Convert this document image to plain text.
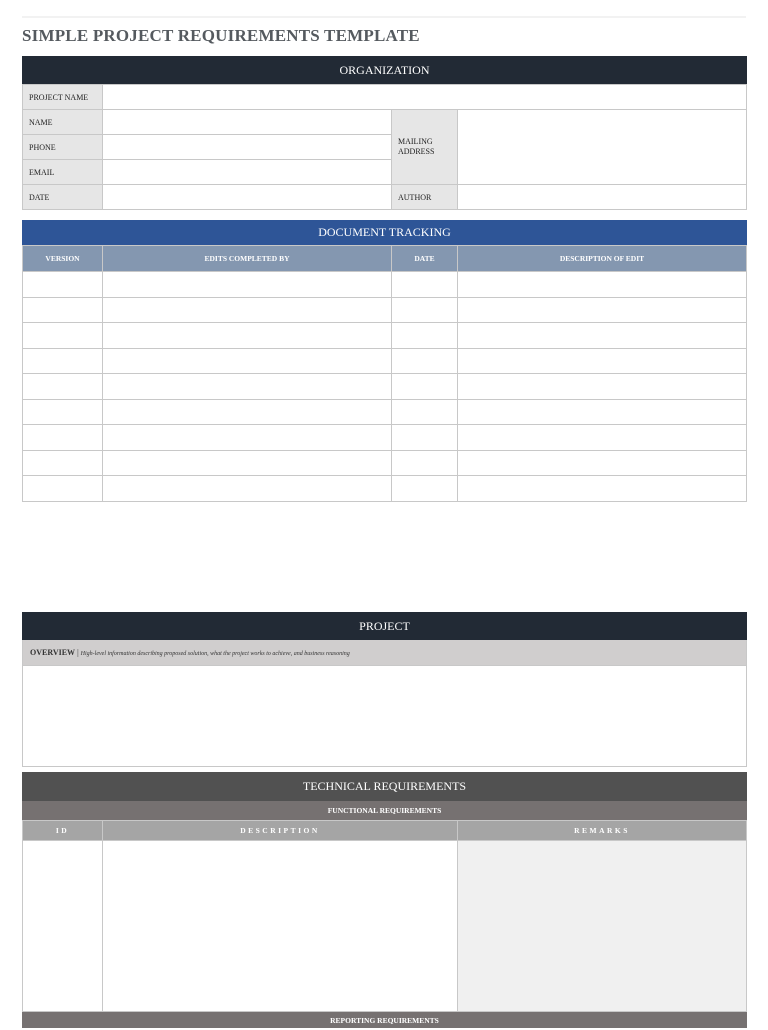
SIMPLE PROJECT REQUIREMENTS TEMPLATE
ORGANIZATION
PROJECT NAME			
NAME		MAILING ADDRESS	
PHONE			
EMAIL			
DATE		AUTHOR	
DOCUMENT TRACKING
VERSION	EDITS COMPLETED BY	DATE	DESCRIPTION OF EDIT

PROJECT
OVERVIEW | High-level information describing proposed solution, what the project works to achieve, and business reasoning
TECHNICAL REQUIREMENTS
FUNCTIONAL REQUIREMENTS
ID	DESCRIPTION	REMARKS

REPORTING REQUIREMENTS
